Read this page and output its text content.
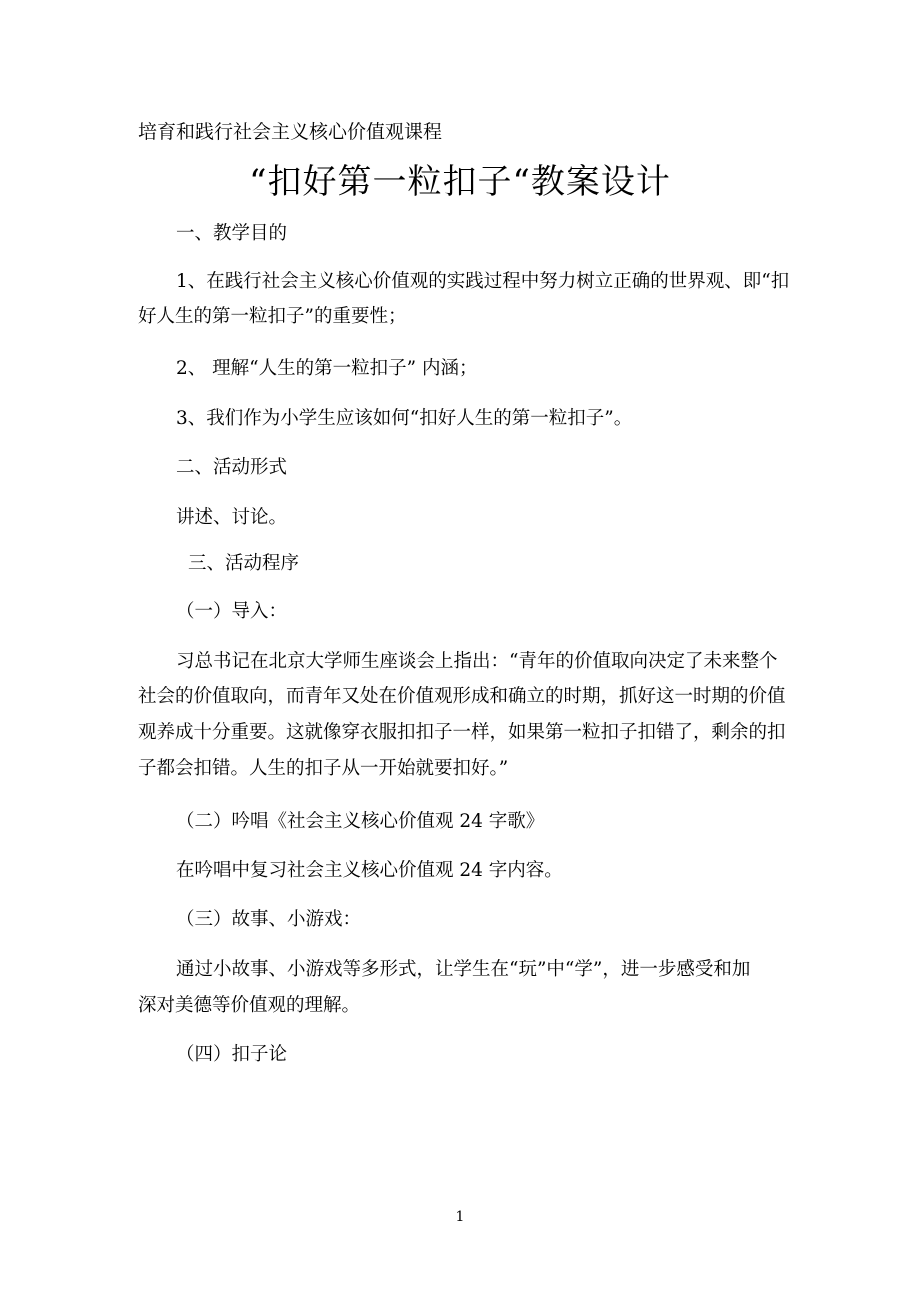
培育和践行社会主义核心价值观课程
“扣好第一粒扣子“教案设计
一、教学目的
1、在践行社会主义核心价值观的实践过程中努力树立正确的世界观、即“扣
好人生的第一粒扣子”的重要性；
2、 理解“人生的第一粒扣子” 内涵；
3、我们作为小学生应该如何“扣好人生的第一粒扣子”。
二、活动形式
讲述、讨论。
三、活动程序
（一）导入：
习总书记在北京大学师生座谈会上指出：“青年的价值取向决定了未来整个
社会的价值取向，而青年又处在价值观形成和确立的时期，抓好这一时期的价值
观养成十分重要。这就像穿衣服扣扣子一样，如果第一粒扣子扣错了，剩余的扣
子都会扣错。人生的扣子从一开始就要扣好。”
（二）吟唱《社会主义核心价值观 24 字歌》
在吟唱中复习社会主义核心价值观 24 字内容。
（三）故事、小游戏：
通过小故事、小游戏等多形式，让学生在“玩”中“学”，进一步感受和加
深对美德等价值观的理解。
（四）扣子论
1
